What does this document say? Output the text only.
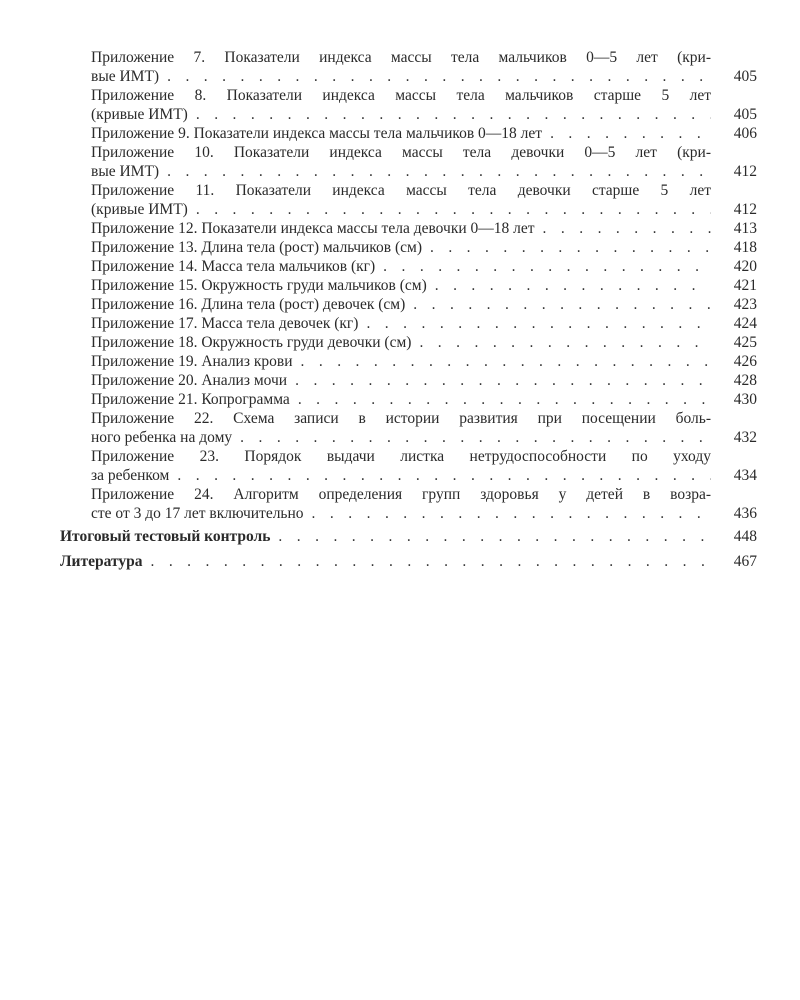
Приложение 7. Показатели индекса массы тела мальчиков 0—5 лет (кри-
вые ИМТ) . . .	405
Приложение 8. Показатели индекса массы тела мальчиков старше 5 лет
(кривые ИМТ) . . .	405
Приложение 9. Показатели индекса массы тела мальчиков 0—18 лет . . .	406
Приложение 10. Показатели индекса массы тела девочки 0—5 лет (кри-
вые ИМТ) . . .	412
Приложение 11. Показатели индекса массы тела девочки старше 5 лет
(кривые ИМТ) . . .	412
Приложение 12. Показатели индекса массы тела девочки 0—18 лет . . .	413
Приложение 13. Длина тела (рост) мальчиков (см) . . .	418
Приложение 14. Масса тела мальчиков (кг) . . .	420
Приложение 15. Окружность груди мальчиков (см) . . .	421
Приложение 16. Длина тела (рост) девочек (см) . . .	423
Приложение 17. Масса тела девочек (кг) . . .	424
Приложение 18. Окружность груди девочки (см) . . .	425
Приложение 19. Анализ крови . . .	426
Приложение 20. Анализ мочи . . .	428
Приложение 21. Копрограмма . . .	430
Приложение 22. Схема записи в истории развития при посещении боль-
ного ребенка на дому . . .	432
Приложение 23. Порядок выдачи листка нетрудоспособности по уходу
за ребенком . . .	434
Приложение 24. Алгоритм определения групп здоровья у детей в возра-
сте от 3 до 17 лет включительно . . .	436
Итоговый тестовый контроль . . .	448
Литература . . .	467
